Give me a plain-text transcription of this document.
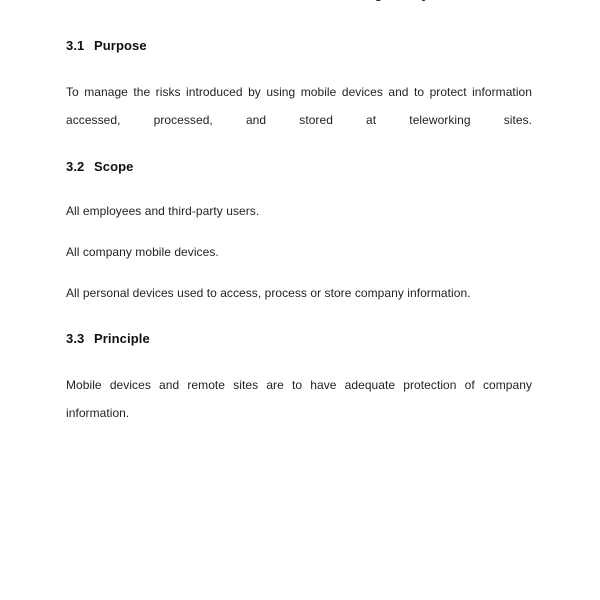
3.1 Purpose

To manage the risks introduced by using mobile devices and to protect information accessed, processed, and stored at teleworking sites.

3.2 Scope

All employees and third-party users.

All company mobile devices.

All personal devices used to access, process or store company information.

3.3 Principle

Mobile devices and remote sites are to have adequate protection of company information.
